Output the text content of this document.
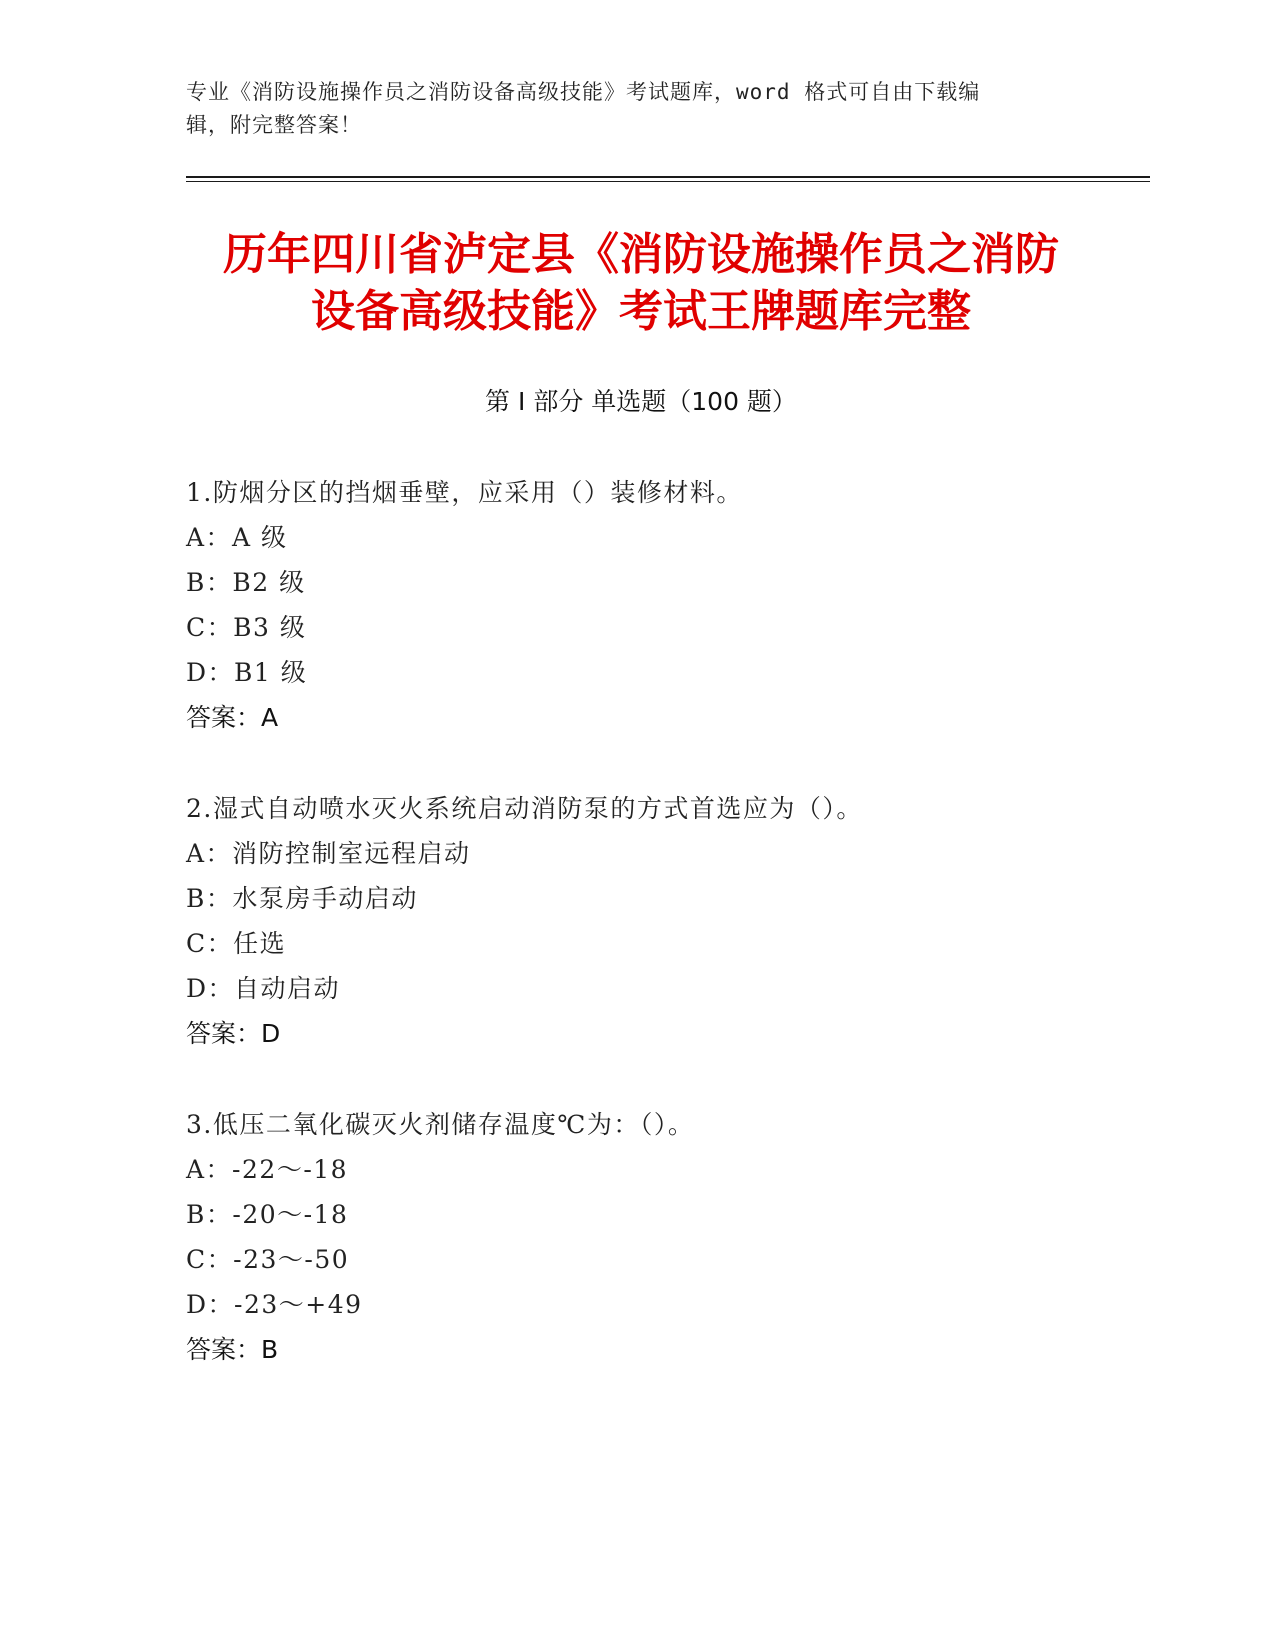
专业《消防设施操作员之消防设备高级技能》考试题库，word 格式可自由下载编
辑，附完整答案！
历年四川省泸定县《消防设施操作员之消防
设备高级技能》考试王牌题库完整
第 I 部分 单选题（100 题）
1.防烟分区的挡烟垂壁，应采用（）装修材料。
A：A 级
B：B2 级
C：B3 级
D：B1 级
答案：A
2.湿式自动喷水灭火系统启动消防泵的方式首选应为（）。
A：消防控制室远程启动
B：水泵房手动启动
C：任选
D：自动启动
答案：D
3.低压二氧化碳灭火剂储存温度℃为：（）。
A：-22～-18
B：-20～-18
C：-23～-50
D：-23～+49
答案：B
